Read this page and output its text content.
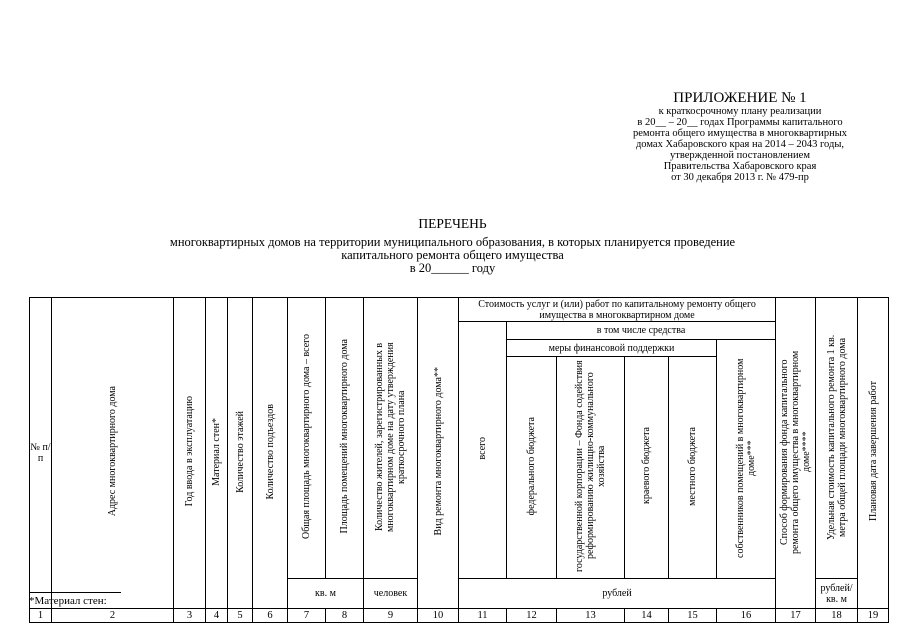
ПРИЛОЖЕНИЕ № 1
к краткосрочному плану реализации
в 20__ – 20__ годах Программы капитального
ремонта общего имущества в многоквартирных
домах Хабаровского края на 2014 – 2043 годы,
утвержденной постановлением
Правительства Хабаровского края
от 30 декабря 2013 г. № 479-пр
ПЕРЕЧЕНЬ
многоквартирных домов на территории муниципального образования, в которых планируется проведение
капитального ремонта общего имущества
в 20______ году
№ п/п	Адрес многоквартирного дома	Год ввода в эксплуатацию	Материал стен*	Количество этажей	Количество подъездов	Общая площадь многоквартирного дома – всего	Площадь помещений многоквартирного дома	Количество жителей, зарегистрированных в многоквартирном доме на дату утверждения краткосрочного плана	Вид ремонта многоквартирного дома**	Стоимость услуг и (или) работ по капитальному ремонту общего имущества в многоквартирном доме						Способ формирования фонда капитального ремонта общего имущества в многоквартирном доме****	Удельная стоимость капитального ремонта 1 кв. метра общей площади многоквартирного дома	Плановая дата завершения работ
										всего	в том числе средства							
											меры финансовой поддержки				собственников помещений в многоквартирном доме***			
											федерального бюджета	государственной корпорации – Фонда содействия реформированию жилищно-коммунального хозяйства	краевого бюджета	местного бюджета				

						кв. м		человек		рублей							рублей/ кв. м	
1	2	3	4	5	6	7	8	9	10	11	12	13	14	15	16	17	18	19
*Материал стен:
